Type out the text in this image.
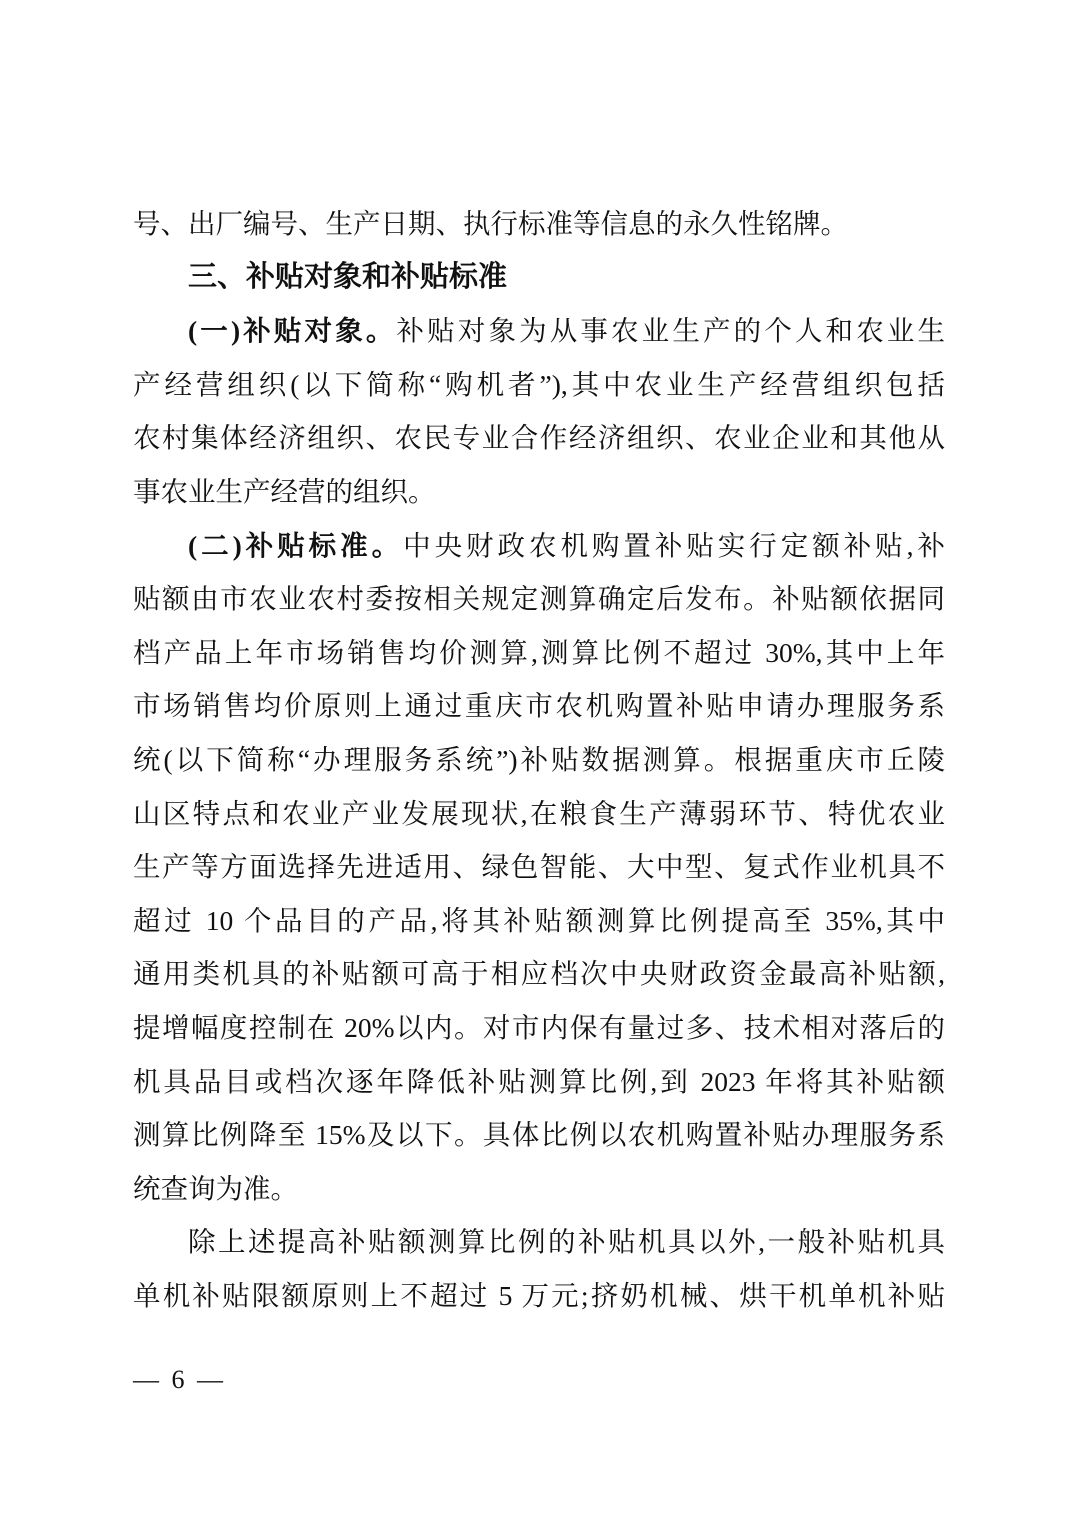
号、出厂编号、生产日期、执行标准等信息的永久性铭牌。
三、补贴对象和补贴标准
(一)补贴对象。补贴对象为从事农业生产的个人和农业生
产经营组织(以下简称“购机者”),其中农业生产经营组织包括
农村集体经济组织、农民专业合作经济组织、农业企业和其他从
事农业生产经营的组织。
(二)补贴标准。中央财政农机购置补贴实行定额补贴,补
贴额由市农业农村委按相关规定测算确定后发布。补贴额依据同
档产品上年市场销售均价测算,测算比例不超过 30%,其中上年
市场销售均价原则上通过重庆市农机购置补贴申请办理服务系
统(以下简称“办理服务系统”)补贴数据测算。根据重庆市丘陵
山区特点和农业产业发展现状,在粮食生产薄弱环节、特优农业
生产等方面选择先进适用、绿色智能、大中型、复式作业机具不
超过 10 个品目的产品,将其补贴额测算比例提高至 35%,其中
通用类机具的补贴额可高于相应档次中央财政资金最高补贴额,
提增幅度控制在 20%以内。对市内保有量过多、技术相对落后的
机具品目或档次逐年降低补贴测算比例,到 2023 年将其补贴额
测算比例降至 15%及以下。具体比例以农机购置补贴办理服务系
统查询为准。
除上述提高补贴额测算比例的补贴机具以外,一般补贴机具
单机补贴限额原则上不超过 5 万元;挤奶机械、烘干机单机补贴
— 6 —
